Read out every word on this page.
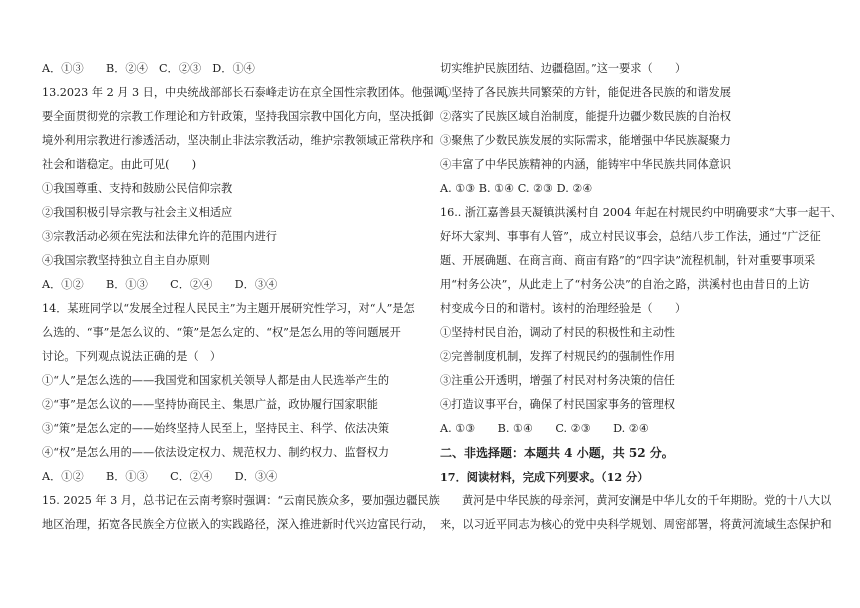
A．①③　　B．②④　C．②③　D．①④
13.2023 年 2 月 3 日，中央统战部部长石泰峰走访在京全国性宗教团体。他强调，
要全面贯彻党的宗教工作理论和方针政策，坚持我国宗教中国化方向，坚决抵御
境外利用宗教进行渗透活动，坚决制止非法宗教活动，维护宗教领域正常秩序和
社会和谐稳定。由此可见(　　)
①我国尊重、支持和鼓励公民信仰宗教
②我国积极引导宗教与社会主义相适应
③宗教活动必须在宪法和法律允许的范围内进行
④我国宗教坚持独立自主自办原则
A．①②　　B．①③　　C．②④　　D．③④
14．某班同学以“发展全过程人民民主”为主题开展研究性学习，对“人”是怎
么选的、“事”是怎么议的、“策”是怎么定的、“权”是怎么用的等问题展开
讨论。下列观点说法正确的是（　）
①“人”是怎么选的——我国党和国家机关领导人都是由人民选举产生的
②“事”是怎么议的——坚持协商民主、集思广益，政协履行国家职能
③“策”是怎么定的——始终坚持人民至上，坚持民主、科学、依法决策
④“权”是怎么用的——依法设定权力、规范权力、制约权力、监督权力
A．①②　　B．①③　　C．②④　　D．③④
15. 2025 年 3 月，总书记在云南考察时强调：“云南民族众多，要加强边疆民族
地区治理，拓宽各民族全方位嵌入的实践路径，深入推进新时代兴边富民行动，
切实维护民族团结、边疆稳固。”这一要求（　　）
①坚持了各民族共同繁荣的方针，能促进各民族的和谐发展
②落实了民族区域自治制度，能提升边疆少数民族的自治权
③聚焦了少数民族发展的实际需求，能增强中华民族凝聚力
④丰富了中华民族精神的内涵，能铸牢中华民族共同体意识
A. ①③ B. ①④ C. ②③ D. ②④
16.. 浙江嘉善县天凝镇洪溪村自 2004 年起在村规民约中明确要求“大事一起干、
好坏大家判、事事有人管”，成立村民议事会，总结八步工作法，通过“广泛征
题、开展确题、在商言商、商亩有路”的“四字诀”流程机制，针对重要事项采
用“村务公决”，从此走上了“村务公决”的自治之路，洪溪村也由昔日的上访
村变成今日的和谐村。该村的治理经验是（　　）
①坚持村民自治，调动了村民的积极性和主动性
②完善制度机制，发挥了村规民约的强制性作用
③注重公开透明，增强了村民对村务决策的信任
④打造议事平台，确保了村民国家事务的管理权
A. ①③　　B. ①④　　C. ②③　　D. ②④
二、非选择题：本题共 4 小题，共 52 分。
17．阅读材料，完成下列要求。（12 分）
黄河是中华民族的母亲河，黄河安澜是中华儿女的千年期盼。党的十八大以
来，以习近平同志为核心的党中央科学规划、周密部署，将黄河流域生态保护和
